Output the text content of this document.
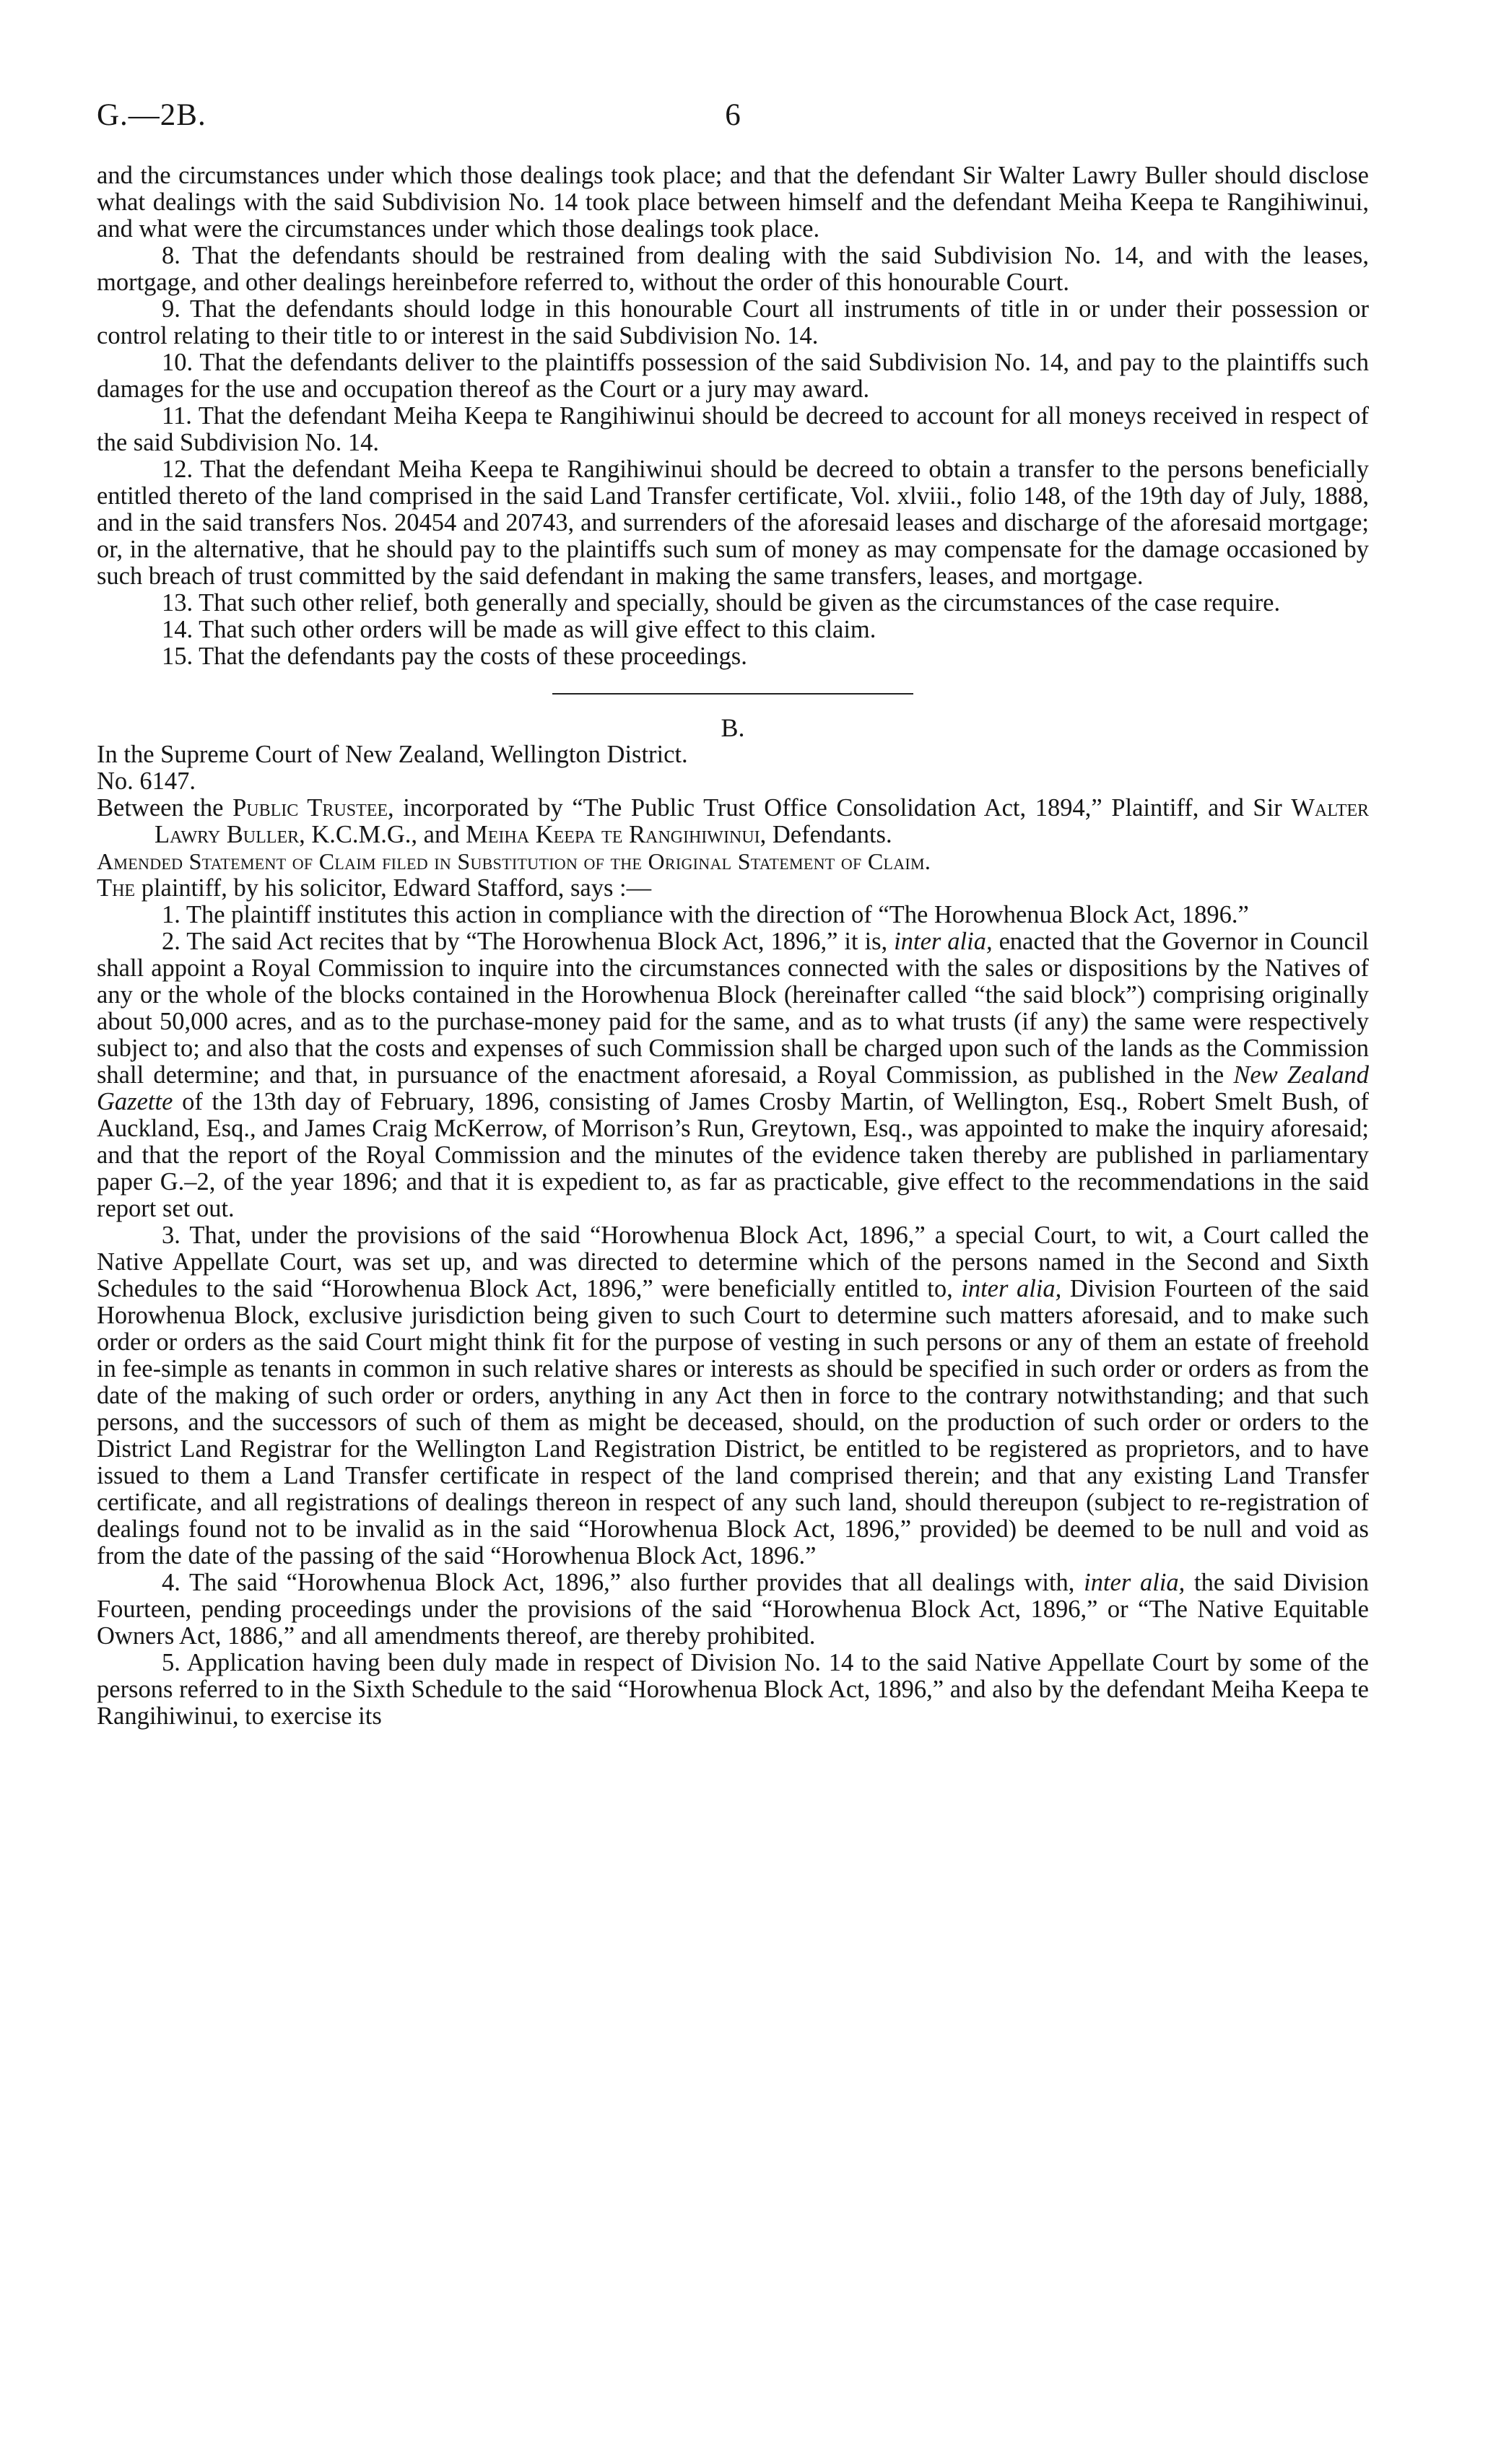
G.—2B.	6

and the circumstances under which those dealings took place; and that the defendant Sir Walter Lawry Buller should disclose what dealings with the said Subdivision No. 14 took place between himself and the defendant Meiha Keepa te Rangihiwinui, and what were the circumstances under which those dealings took place.

8. That the defendants should be restrained from dealing with the said Subdivision No. 14, and with the leases, mortgage, and other dealings hereinbefore referred to, without the order of this honourable Court.

9. That the defendants should lodge in this honourable Court all instruments of title in or under their possession or control relating to their title to or interest in the said Subdivision No. 14.

10. That the defendants deliver to the plaintiffs possession of the said Subdivision No. 14, and pay to the plaintiffs such damages for the use and occupation thereof as the Court or a jury may award.

11. That the defendant Meiha Keepa te Rangihiwinui should be decreed to account for all moneys received in respect of the said Subdivision No. 14.

12. That the defendant Meiha Keepa te Rangihiwinui should be decreed to obtain a transfer to the persons beneficially entitled thereto of the land comprised in the said Land Transfer certificate, Vol. xlviii., folio 148, of the 19th day of July, 1888, and in the said transfers Nos. 20454 and 20743, and surrenders of the aforesaid leases and discharge of the aforesaid mortgage; or, in the alternative, that he should pay to the plaintiffs such sum of money as may compensate for the damage occasioned by such breach of trust committed by the said defendant in making the same transfers, leases, and mortgage.

13. That such other relief, both generally and specially, should be given as the circumstances of the case require.

14. That such other orders will be made as will give effect to this claim.

15. That the defendants pay the costs of these proceedings.

B.

In the Supreme Court of New Zealand, Wellington District.

No. 6147.

Between the Public Trustee, incorporated by “The Public Trust Office Consolidation Act, 1894,” Plaintiff, and Sir Walter Lawry Buller, K.C.M.G., and Meiha Keepa te Rangihiwinui, Defendants.

Amended Statement of Claim filed in Substitution of the Original Statement of Claim.

The plaintiff, by his solicitor, Edward Stafford, says :—

1. The plaintiff institutes this action in compliance with the direction of “The Horowhenua Block Act, 1896.”

2. The said Act recites that by “The Horowhenua Block Act, 1896,” it is, inter alia, enacted that the Governor in Council shall appoint a Royal Commission to inquire into the circumstances connected with the sales or dispositions by the Natives of any or the whole of the blocks contained in the Horowhenua Block (hereinafter called “the said block”) comprising originally about 50,000 acres, and as to the purchase-money paid for the same, and as to what trusts (if any) the same were respectively subject to; and also that the costs and expenses of such Commission shall be charged upon such of the lands as the Commission shall determine; and that, in pursuance of the enactment aforesaid, a Royal Commission, as published in the New Zealand Gazette of the 13th day of February, 1896, consisting of James Crosby Martin, of Wellington, Esq., Robert Smelt Bush, of Auckland, Esq., and James Craig McKerrow, of Morrison’s Run, Greytown, Esq., was appointed to make the inquiry aforesaid; and that the report of the Royal Commission and the minutes of the evidence taken thereby are published in parliamentary paper G.–2, of the year 1896; and that it is expedient to, as far as practicable, give effect to the recommendations in the said report set out.

3. That, under the provisions of the said “Horowhenua Block Act, 1896,” a special Court, to wit, a Court called the Native Appellate Court, was set up, and was directed to determine which of the persons named in the Second and Sixth Schedules to the said “Horowhenua Block Act, 1896,” were beneficially entitled to, inter alia, Division Fourteen of the said Horowhenua Block, exclusive jurisdiction being given to such Court to determine such matters aforesaid, and to make such order or orders as the said Court might think fit for the purpose of vesting in such persons or any of them an estate of freehold in fee-simple as tenants in common in such relative shares or interests as should be specified in such order or orders as from the date of the making of such order or orders, anything in any Act then in force to the contrary notwithstanding; and that such persons, and the successors of such of them as might be deceased, should, on the production of such order or orders to the District Land Registrar for the Wellington Land Registration District, be entitled to be registered as proprietors, and to have issued to them a Land Transfer certificate in respect of the land comprised therein; and that any existing Land Transfer certificate, and all registrations of dealings thereon in respect of any such land, should thereupon (subject to re-registration of dealings found not to be invalid as in the said “Horowhenua Block Act, 1896,” provided) be deemed to be null and void as from the date of the passing of the said “Horowhenua Block Act, 1896.”

4. The said “Horowhenua Block Act, 1896,” also further provides that all dealings with, inter alia, the said Division Fourteen, pending proceedings under the provisions of the said “Horowhenua Block Act, 1896,” or “The Native Equitable Owners Act, 1886,” and all amendments thereof, are thereby prohibited.

5. Application having been duly made in respect of Division No. 14 to the said Native Appellate Court by some of the persons referred to in the Sixth Schedule to the said “Horowhenua Block Act, 1896,” and also by the defendant Meiha Keepa te Rangihiwinui, to exercise its
